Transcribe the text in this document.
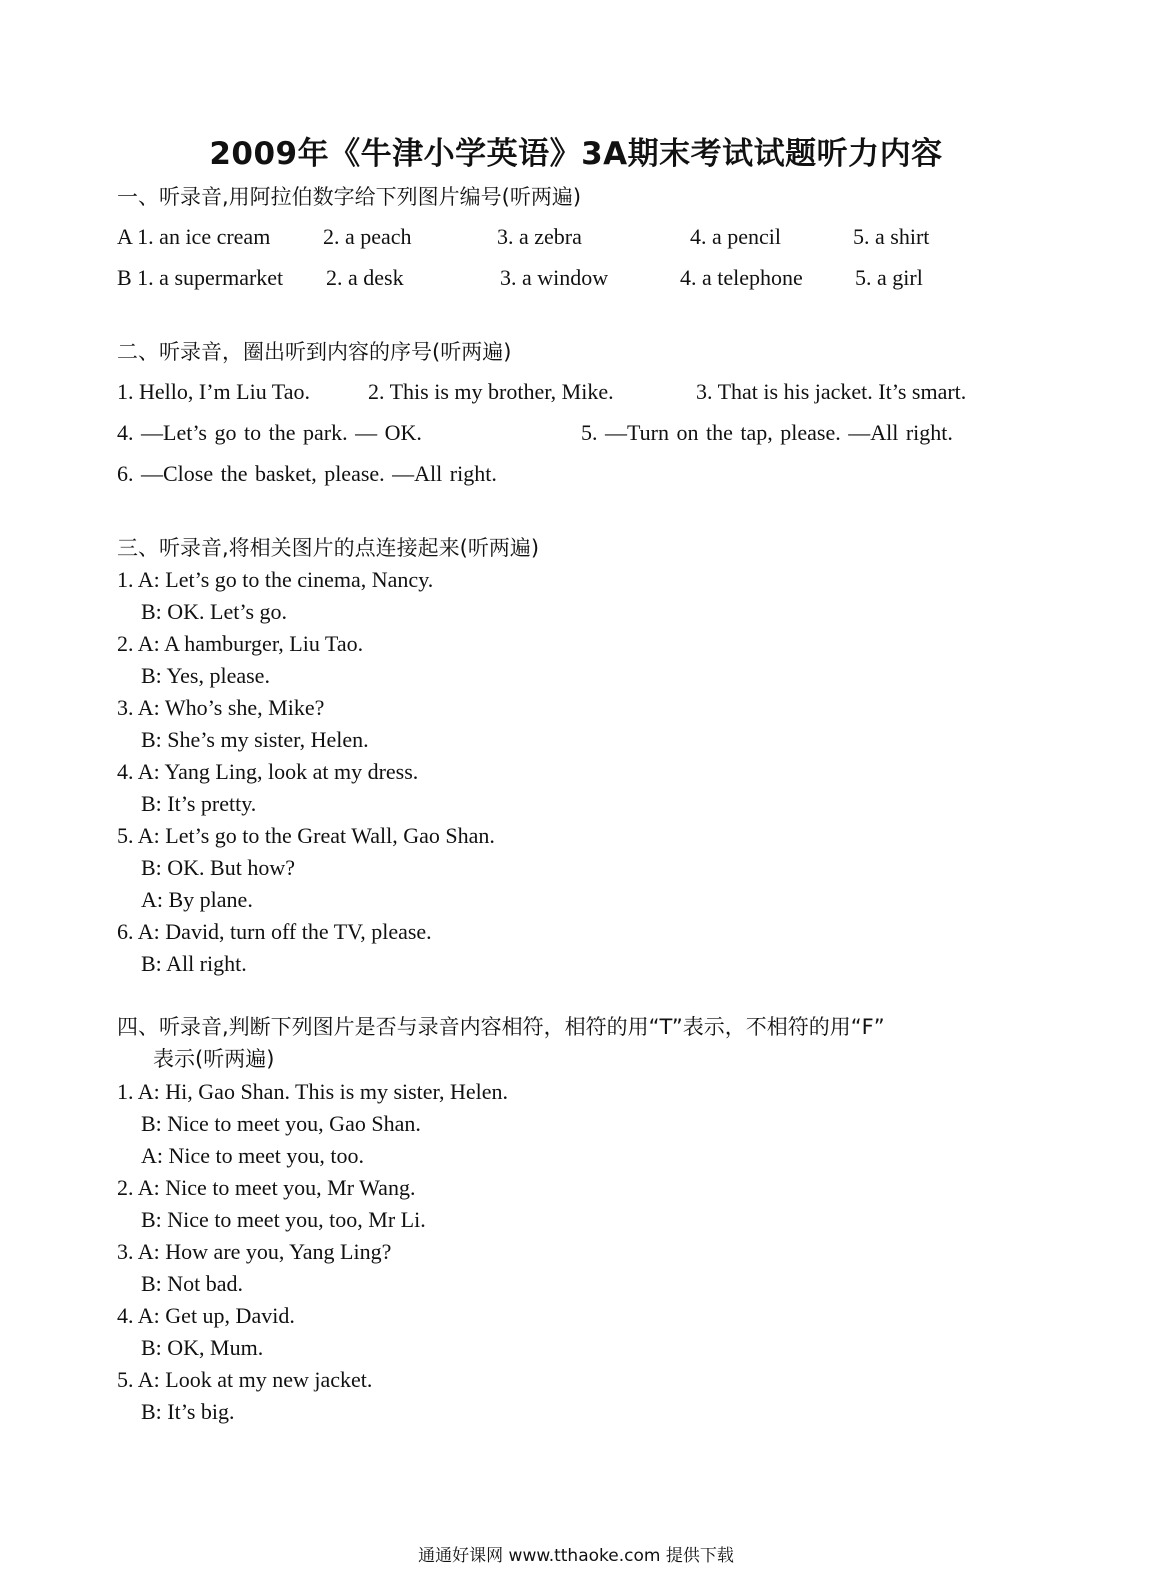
2009年《牛津小学英语》3A期末考试试题听力内容
一、听录音,用阿拉伯数字给下列图片编号(听两遍)
A 1. an ice cream 2. a peach	3. a zebra	4. a pencil	5. a shirt
B 1. a supermarket 2. a desk	3. a window	4. a telephone 5. a girl
二、听录音，圈出听到内容的序号(听两遍)
1. Hello, I’m Liu Tao.	2. This is my brother, Mike.	3. That is his jacket. It’s smart.
4. —Let’s go to the park. — OK.	5. —Turn on the tap, please. —All right.
6. —Close the basket, please. —All right.
三、听录音,将相关图片的点连接起来(听两遍)
1. A: Let’s go to the cinema, Nancy.
B: OK. Let’s go.
2. A: A hamburger, Liu Tao.
B: Yes, please.
3. A: Who’s she, Mike?
B: She’s my sister, Helen.
4. A: Yang Ling, look at my dress.
B: It’s pretty.
5. A: Let’s go to the Great Wall, Gao Shan.
B: OK. But how?
A: By plane.
6. A: David, turn off the TV, please.
B: All right.
四、听录音,判断下列图片是否与录音内容相符，相符的用“T”表示，不相符的用“F”
表示(听两遍)
1. A: Hi, Gao Shan. This is my sister, Helen.
B: Nice to meet you, Gao Shan.
A: Nice to meet you, too.
2. A: Nice to meet you, Mr Wang.
B: Nice to meet you, too, Mr Li.
3. A: How are you, Yang Ling?
B: Not bad.
4. A: Get up, David.
B: OK, Mum.
5. A: Look at my new jacket.
B: It’s big.
通通好课网 www.tthaoke.com 提供下载
